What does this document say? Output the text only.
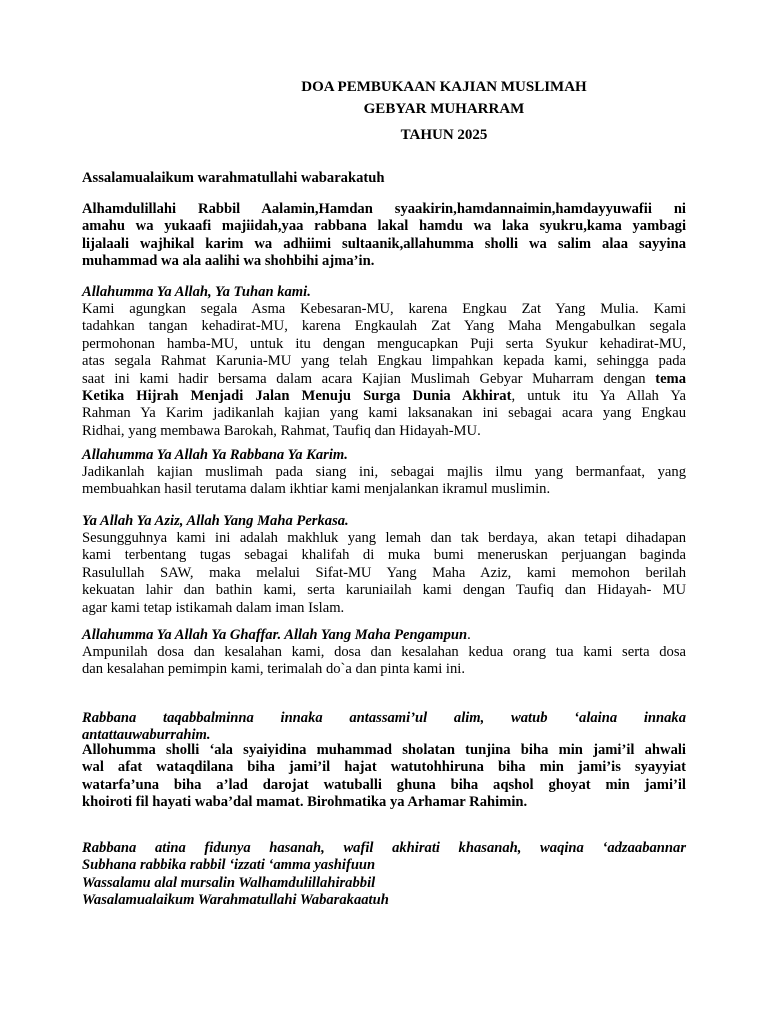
DOA PEMBUKAAN KAJIAN MUSLIMAH
GEBYAR MUHARRAM
TAHUN 2025
Assalamualaikum warahmatullahi wabarakatuh
Alhamdulillahi Rabbil Aalamin,Hamdan syaakirin,hamdannaimin,hamdayyuwafii ni
amahu wa yukaafi majiidah,yaa rabbana lakal hamdu wa laka syukru,kama yambagi
lijalaali wajhikal karim wa adhiimi sultaanik,allahumma sholli wa salim alaa sayyina
muhammad wa ala aalihi wa shohbihi ajma’in.
Allahumma Ya Allah, Ya Tuhan kami.
Kami agungkan segala Asma Kebesaran-MU, karena Engkau Zat Yang Mulia. Kami
tadahkan tangan kehadirat-MU, karena Engkaulah Zat Yang Maha Mengabulkan segala
permohonan hamba-MU, untuk itu dengan mengucapkan Puji serta Syukur kehadirat-MU,
atas segala Rahmat Karunia-MU yang telah Engkau limpahkan kepada kami, sehingga pada
saat ini kami hadir bersama dalam acara Kajian Muslimah Gebyar Muharram dengan tema
Ketika Hijrah Menjadi Jalan Menuju Surga Dunia Akhirat, untuk itu Ya Allah Ya
Rahman Ya Karim jadikanlah kajian yang kami laksanakan ini sebagai acara yang Engkau
Ridhai, yang membawa Barokah, Rahmat, Taufiq dan Hidayah-MU.
Allahumma Ya Allah Ya Rabbana Ya Karim.
Jadikanlah kajian muslimah pada siang ini, sebagai majlis ilmu yang bermanfaat, yang
membuahkan hasil terutama dalam ikhtiar kami menjalankan ikramul muslimin.
Ya Allah Ya Aziz, Allah Yang Maha Perkasa.
Sesungguhnya kami ini adalah makhluk yang lemah dan tak berdaya, akan tetapi dihadapan
kami terbentang tugas sebagai khalifah di muka bumi meneruskan perjuangan baginda
Rasulullah SAW, maka melalui Sifat-MU Yang Maha Aziz, kami memohon berilah
kekuatan lahir dan bathin kami, serta karuniailah kami dengan Taufiq dan Hidayah- MU
agar kami tetap istikamah dalam iman Islam.
Allahumma Ya Allah Ya Ghaffar. Allah Yang Maha Pengampun.
Ampunilah dosa dan kesalahan kami, dosa dan kesalahan kedua orang tua kami serta dosa
dan kesalahan pemimpin kami, terimalah do`a dan pinta kami ini.
Rabbana taqabbalminna innaka antassami’ul alim, watub ‘alaina innaka
antattauwaburrahim.
Allohumma sholli ‘ala syaiyidina muhammad sholatan tunjina biha min jami’il ahwali
wal afat wataqdilana biha jami’il hajat watutohhiruna biha min jami’is syayyiat
watarfa’una biha a’lad darojat watuballi ghuna biha aqshol ghoyat min jami’il
khoiroti fil hayati waba’dal mamat. Birohmatika ya Arhamar Rahimin.
Rabbana atina fidunya hasanah, wafil akhirati khasanah, waqina ‘adzaabannar
Subhana rabbika rabbil ‘izzati ‘amma yashifuun
Wassalamu alal mursalin Walhamdulillahirabbil
Wasalamualaikum Warahmatullahi Wabarakaatuh
